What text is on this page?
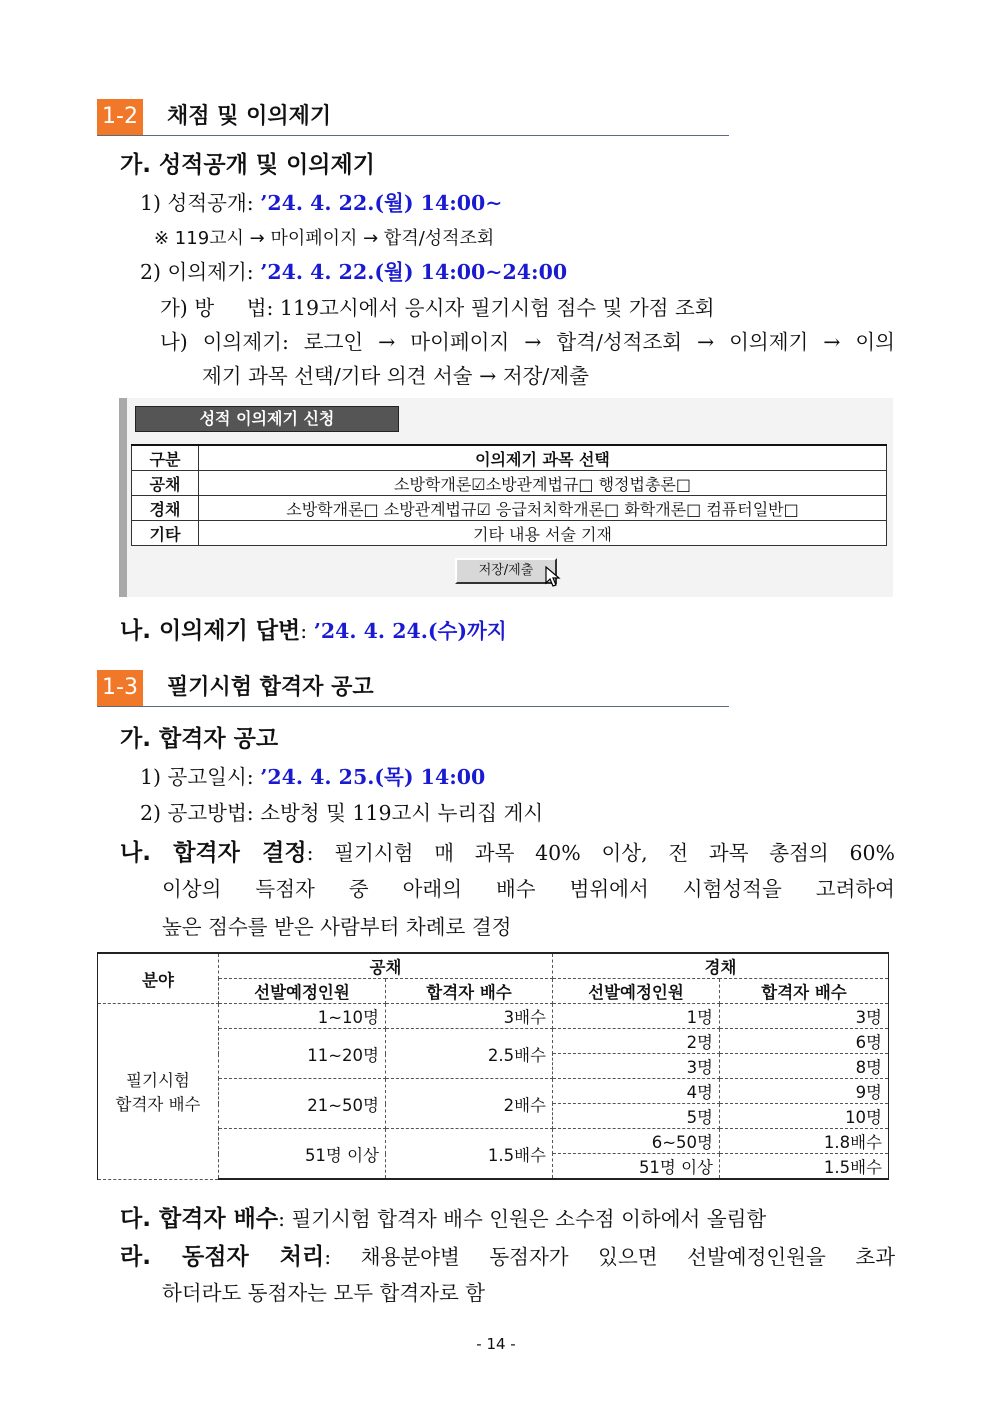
1-2 채점 및 이의제기
가. 성적공개 및 이의제기
1) 성적공개: ’24. 4. 22.(월) 14:00∼
※ 119고시 → 마이페이지 → 합격/성적조회
2) 이의제기: ’24. 4. 22.(월) 14:00∼24:00
가) 방     법: 119고시에서 응시자 필기시험 점수 및 가점 조회
나) 이의제기: 로그인 → 마이페이지 → 합격/성적조회 → 이의제기 → 이의
제기 과목 선택/기타 의견 서술 → 저장/제출
성적 이의제기 신청
구분	이의제기 과목 선택
공채	소방학개론☑소방관계법규□ 행정법총론□
경채	소방학개론□ 소방관계법규☑ 응급처치학개론□ 화학개론□ 컴퓨터일반□
기타	기타 내용 서술 기재
저장/제출
나. 이의제기 답변: ’24. 4. 24.(수)까지
1-3 필기시험 합격자 공고
가. 합격자 공고
1) 공고일시: ’24. 4. 25.(목) 14:00
2) 공고방법: 소방청 및 119고시 누리집 게시
나. 합격자 결정: 필기시험 매 과목 40% 이상, 전 과목 총점의 60%
이상의 득점자 중 아래의 배수 범위에서 시험성적을 고려하여
높은 점수를 받은 사람부터 차례로 결정
분야	공채		경채	
	선발예정인원	합격자 배수	선발예정인원	합격자 배수
필기시험
합격자 배수	1∼10명	3배수	1명	3명
	11∼20명	2.5배수	2명	6명
			3명	8명
	21∼50명	2배수	4명	9명
			5명	10명
	51명 이상	1.5배수	6∼50명	1.8배수
			51명 이상	1.5배수
다. 합격자 배수: 필기시험 합격자 배수 인원은 소수점 이하에서 올림함
라. 동점자 처리: 채용분야별 동점자가 있으면 선발예정인원을 초과
하더라도 동점자는 모두 합격자로 함
- 14 -
